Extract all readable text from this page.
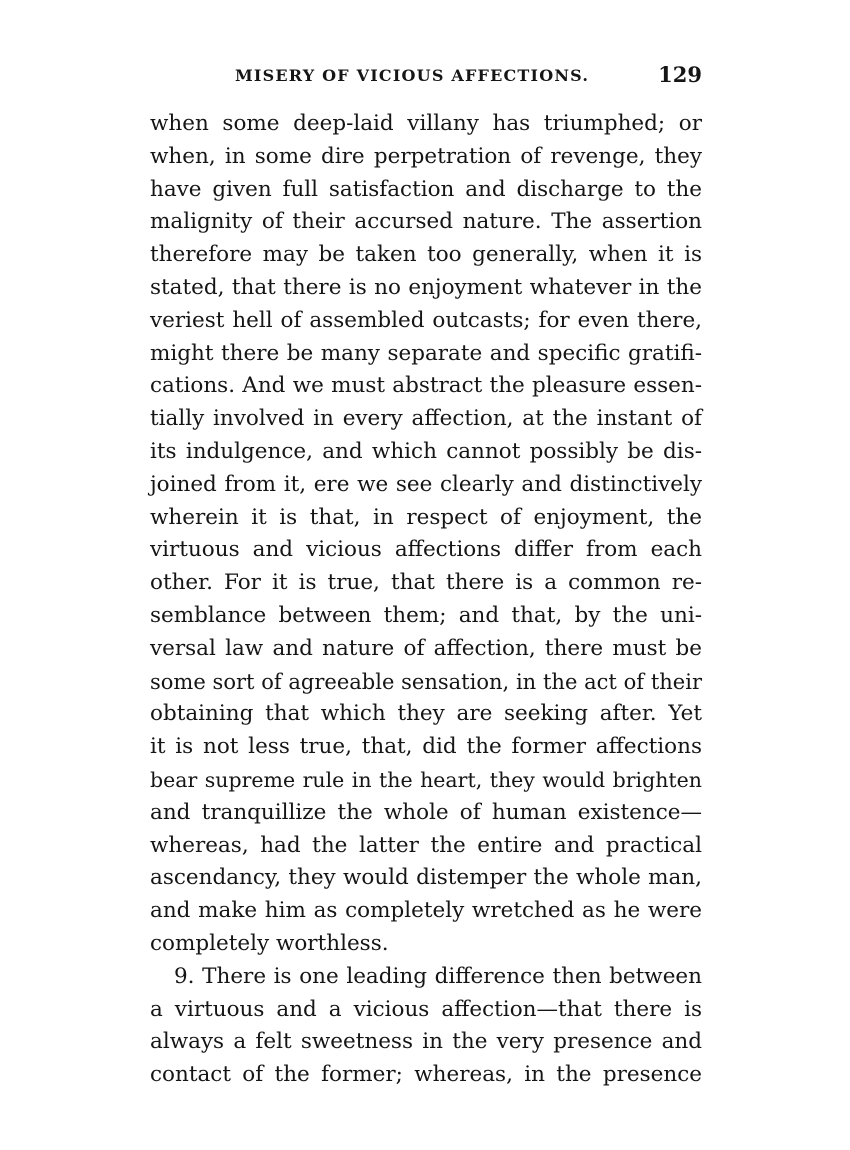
MISERY OF VICIOUS AFFECTIONS.	129
when some deep-laid villany has triumphed; or
when, in some dire perpetration of revenge, they
have given full satisfaction and discharge to the
malignity of their accursed nature. The assertion
therefore may be taken too generally, when it is
stated, that there is no enjoyment whatever in the
veriest hell of assembled outcasts; for even there,
might there be many separate and specific gratifi-
cations. And we must abstract the pleasure essen-
tially involved in every affection, at the instant of
its indulgence, and which cannot possibly be dis-
joined from it, ere we see clearly and distinctively
wherein it is that, in respect of enjoyment, the
virtuous and vicious affections differ from each
other. For it is true, that there is a common re-
semblance between them; and that, by the uni-
versal law and nature of affection, there must be
some sort of agreeable sensation, in the act of their
obtaining that which they are seeking after. Yet
it is not less true, that, did the former affections
bear supreme rule in the heart, they would brighten
and tranquillize the whole of human existence—
whereas, had the latter the entire and practical
ascendancy, they would distemper the whole man,
and make him as completely wretched as he were
completely worthless.
9. There is one leading difference then between
a virtuous and a vicious affection—that there is
always a felt sweetness in the very presence and
contact of the former; whereas, in the presence
